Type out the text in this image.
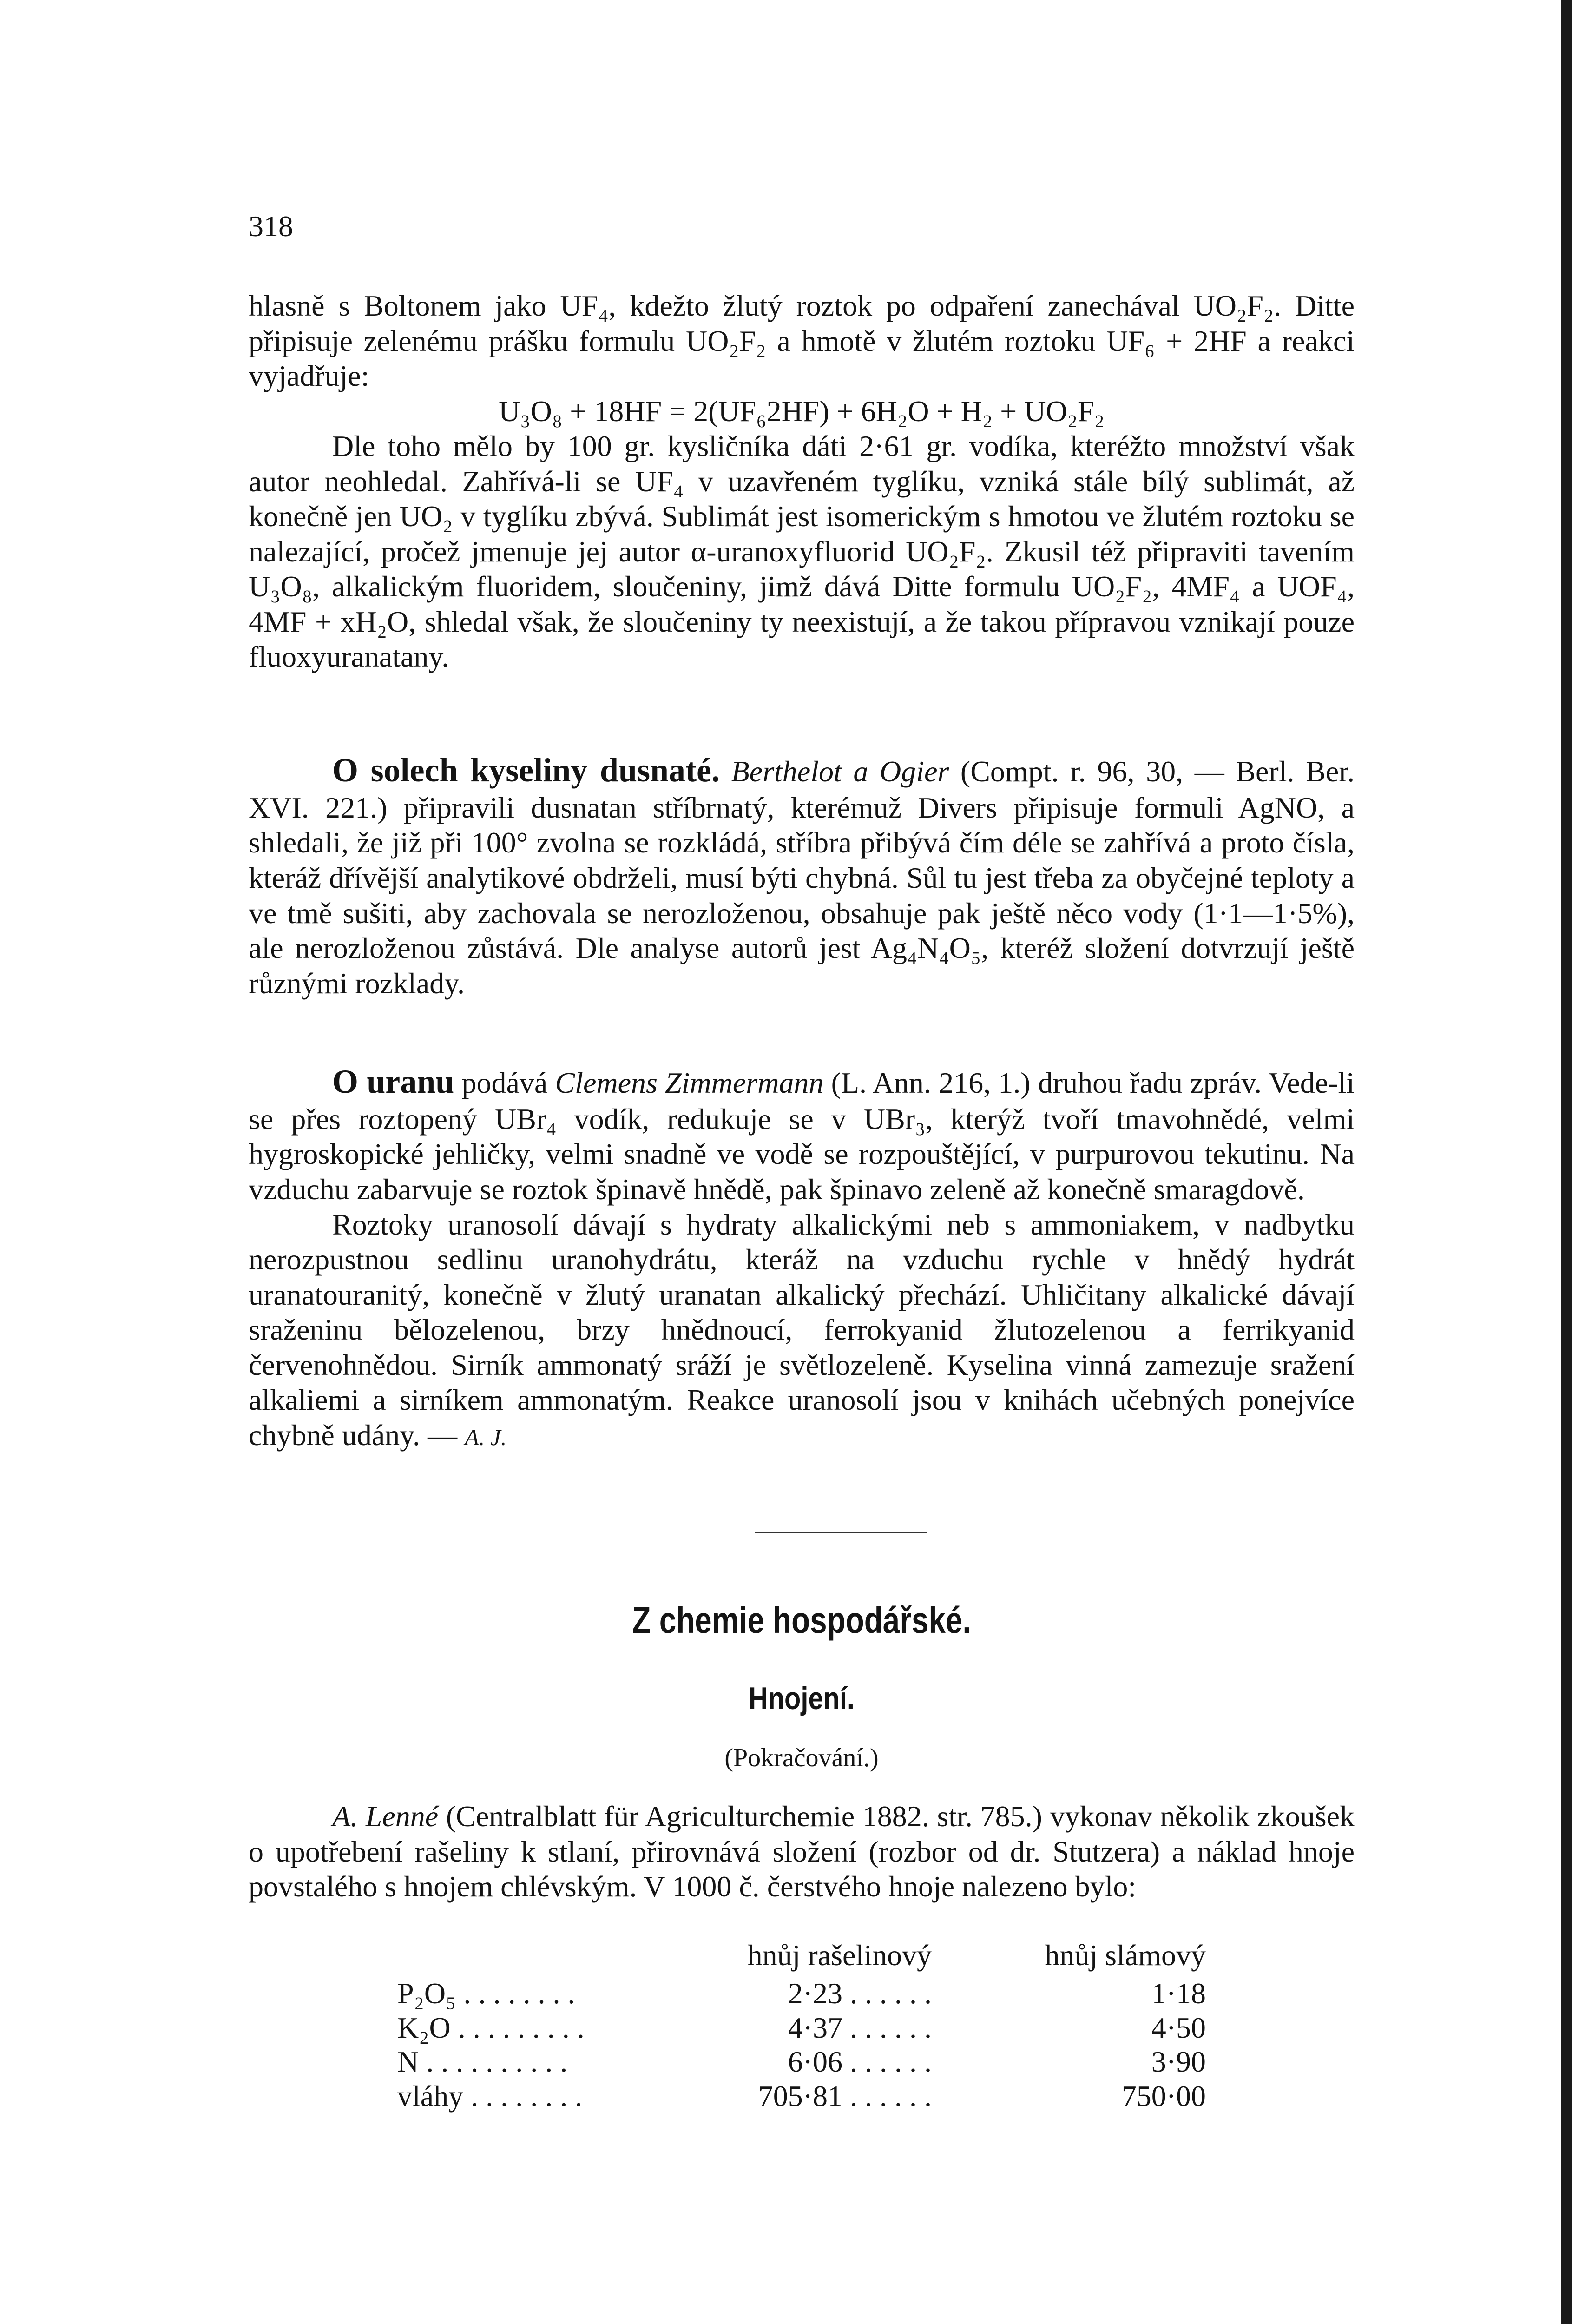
318

hlasně s Boltonem jako UF₄, kdežto žlutý roztok po odpaření zanechával UO₂F₂. Ditte připisuje zelenému prášku formulu UO₂F₂ a hmotě v žlutém roztoku UF₆ + 2HF a reakci vyjadřuje:

U₃O₈ + 18HF = 2(UF₆2HF) + 6H₂O + H₂ + UO₂F₂

Dle toho mělo by 100 gr. kysličníka dáti 2·61 gr. vodíka, kteréžto množství však autor neohledal. Zahřívá-li se UF₄ v uzavřeném tyglíku, vzniká stále bílý sublimát, až konečně jen UO₂ v tyglíku zbývá. Sublimát jest isomerickým s hmotou ve žlutém roztoku se nalezající, pročež jmenuje jej autor α-uranoxyfluorid UO₂F₂. Zkusil též připraviti tavením U₃O₈, alkalickým fluoridem, sloučeniny, jimž dává Ditte formulu UO₂F₂, 4MF₄ a UOF₄, 4MF + xH₂O, shledal však, že sloučeniny ty neexistují, a že takou přípravou vznikají pouze fluoxyuranatany.

O solech kyseliny dusnaté. Berthelot a Ogier (Compt. r. 96, 30, — Berl. Ber. XVI. 221.) připravili dusnatan stříbrnatý, kterémuž Divers připisuje formuli AgNO, a shledali, že již při 100° zvolna se rozkládá, stříbra přibývá čím déle se zahřívá a proto čísla, kteráž dřívější analytikové obdrželi, musí býti chybná. Sůl tu jest třeba za obyčejné teploty a ve tmě sušiti, aby zachovala se nerozloženou, obsahuje pak ještě něco vody (1·1—1·5%), ale nerozloženou zůstává. Dle analyse autorů jest Ag₄N₄O₅, kteréž složení dotvrzují ještě různými rozklady.

O uranu podává Clemens Zimmermann (L. Ann. 216, 1.) druhou řadu zpráv. Vede-li se přes roztopený UBr₄ vodík, redukuje se v UBr₃, kterýž tvoří tmavohnědé, velmi hygroskopické jehličky, velmi snadně ve vodě se rozpouštějící, v purpurovou tekutinu. Na vzduchu zabarvuje se roztok špinavě hnědě, pak špinavo zeleně až konečně smaragdově.

Roztoky uranosolí dávají s hydraty alkalickými neb s ammoniakem, v nadbytku nerozpustnou sedlinu uranohydrátu, kteráž na vzduchu rychle v hnědý hydrát uranatouranitý, konečně v žlutý uranatan alkalický přechází. Uhličitany alkalické dávají sraženinu bělozelenou, brzy hnědnoucí, ferrokyanid žlutozelenou a ferrikyanid červenohnědou. Sirník ammonatý sráží je světlozeleně. Kyselina vinná zamezuje sražení alkaliemi a sirníkem ammonatým. Reakce uranosolí jsou v knihách učebných ponejvíce chybně udány. — A. J.

Z chemie hospodářské.
Hnojení.
(Pokračování.)

A. Lenné (Centralblatt für Agriculturchemie 1882. str. 785.) vykonav několik zkoušek o upotřebení rašeliny k stlaní, přirovnává složení (rozbor od dr. Stutzera) a náklad hnoje povstalého s hnojem chlévským. V 1000 č. čerstvého hnoje nalezeno bylo:

	hnůj rašelinový	hnůj slámový
P₂O₅ . . . . . . . .	2·23 . . . . . .	1·18
K₂O . . . . . . . . .	4·37 . . . . . .	4·50
N . . . . . . . . . .	6·06 . . . . . .	3·90
vláhy . . . . . . . .	705·81 . . . . . .	750·00
